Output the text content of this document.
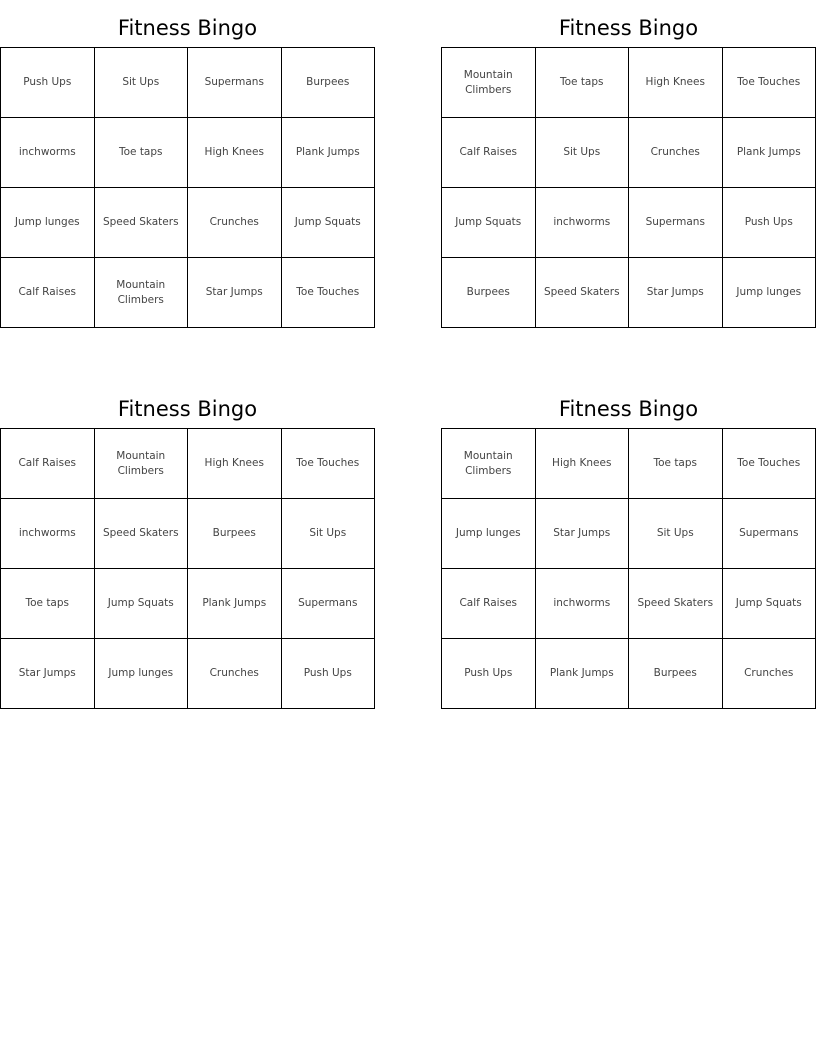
Fitness Bingo
Push Ups	Sit Ups	Supermans	Burpees
inchworms	Toe taps	High Knees	Plank Jumps
Jump lunges	Speed Skaters	Crunches	Jump Squats
Calf Raises	Mountain Climbers	Star Jumps	Toe Touches
Fitness Bingo
Mountain Climbers	Toe taps	High Knees	Toe Touches
Calf Raises	Sit Ups	Crunches	Plank Jumps
Jump Squats	inchworms	Supermans	Push Ups
Burpees	Speed Skaters	Star Jumps	Jump lunges
Fitness Bingo
Calf Raises	Mountain Climbers	High Knees	Toe Touches
inchworms	Speed Skaters	Burpees	Sit Ups
Toe taps	Jump Squats	Plank Jumps	Supermans
Star Jumps	Jump lunges	Crunches	Push Ups
Fitness Bingo
Mountain Climbers	High Knees	Toe taps	Toe Touches
Jump lunges	Star Jumps	Sit Ups	Supermans
Calf Raises	inchworms	Speed Skaters	Jump Squats
Push Ups	Plank Jumps	Burpees	Crunches
